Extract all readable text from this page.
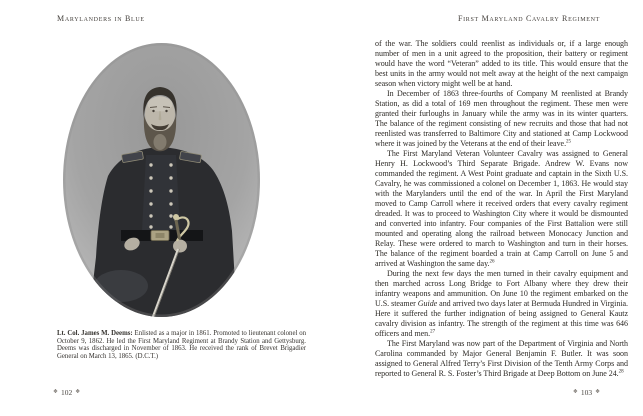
Marylanders in Blue

Lt. Col. James M. Deems: Enlisted as a major in 1861. Promoted to lieutenant colonel on October 9, 1862. He led the First Maryland Regiment at Brandy Station and Gettysburg. Deems was discharged in November of 1863. He received the rank of Brevet Brigadier General on March 13, 1865. (D.C.T.)

❖ 102 ❖
First Maryland Cavalry Regiment

of the war. The soldiers could reenlist as individuals or, if a large enough number of men in a unit agreed to the proposition, their battery or regiment would have the word “Veteran” added to its title. This would ensure that the best units in the army would not melt away at the height of the next campaign season when victory might well be at hand.

In December of 1863 three-fourths of Company M reenlisted at Brandy Station, as did a total of 169 men throughout the regiment. These men were granted their furloughs in January while the army was in its winter quarters. The balance of the regiment consisting of new recruits and those that had not reenlisted was transferred to Baltimore City and stationed at Camp Lockwood where it was joined by the Veterans at the end of their leave.$^{25}$

The First Maryland Veteran Volunteer Cavalry was assigned to General Henry H. Lockwood’s Third Separate Brigade. Andrew W. Evans now commanded the regiment. A West Point graduate and captain in the Sixth U.S. Cavalry, he was commissioned a colonel on December 1, 1863. He would stay with the Marylanders until the end of the war. In April the First Maryland moved to Camp Carroll where it received orders that every cavalry regiment dreaded. It was to proceed to Washington City where it would be dismounted and converted into infantry. Four companies of the First Battalion were still mounted and operating along the railroad between Monocacy Junction and Relay. These were ordered to march to Washington and turn in their horses. The balance of the regiment boarded a train at Camp Carroll on June 5 and arrived at Washington the same day.$^{26}$

During the next few days the men turned in their cavalry equipment and then marched across Long Bridge to Fort Albany where they drew their infantry weapons and ammunition. On June 10 the regiment embarked on the U.S. steamer Guide and arrived two days later at Bermuda Hundred in Virginia. Here it suffered the further indignation of being assigned to General Kautz cavalry division as infantry. The strength of the regiment at this time was 646 officers and men.$^{27}$

The First Maryland was now part of the Department of Virginia and North Carolina commanded by Major General Benjamin F. Butler. It was soon assigned to General Alfred Terry’s First Division of the Tenth Army Corps and reported to General R. S. Foster’s Third Brigade at Deep Bottom on June 24.28

❖ 103 ❖
